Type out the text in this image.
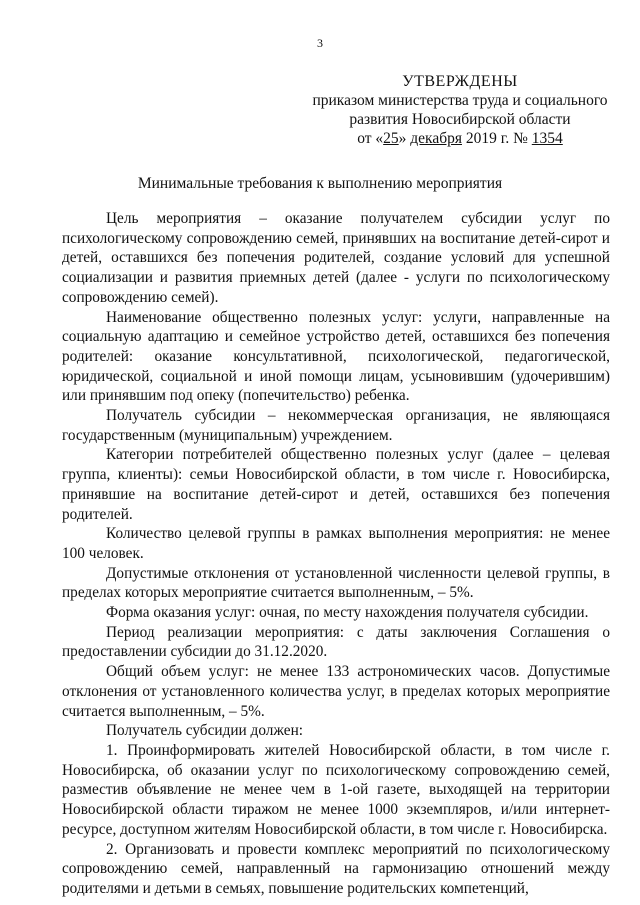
3
УТВЕРЖДЕНЫ
приказом министерства труда и социального
развития Новосибирской области
от «25» декабря 2019 г. № 1354
Минимальные требования к выполнению мероприятия

Цель мероприятия – оказание получателем субсидии услуг по психологическому сопровождению семей, принявших на воспитание детей-сирот и детей, оставшихся без попечения родителей, создание условий для успешной социализации и развития приемных детей (далее - услуги по психологическому сопровождению семей).

Наименование общественно полезных услуг: услуги, направленные на социальную адаптацию и семейное устройство детей, оставшихся без попечения родителей: оказание консультативной, психологической, педагогической, юридической, социальной и иной помощи лицам, усыновившим (удочерившим) или принявшим под опеку (попечительство) ребенка.

Получатель субсидии – некоммерческая организация, не являющаяся государственным (муниципальным) учреждением.

Категории потребителей общественно полезных услуг (далее – целевая группа, клиенты): семьи Новосибирской области, в том числе г. Новосибирска, принявшие на воспитание детей-сирот и детей, оставшихся без попечения родителей.

Количество целевой группы в рамках выполнения мероприятия: не менее 100 человек.

Допустимые отклонения от установленной численности целевой группы, в пределах которых мероприятие считается выполненным, – 5%.

Форма оказания услуг: очная, по месту нахождения получателя субсидии.

Период реализации мероприятия: с даты заключения Соглашения о предоставлении субсидии до 31.12.2020.

Общий объем услуг: не менее 133 астрономических часов. Допустимые отклонения от установленного количества услуг, в пределах которых мероприятие считается выполненным, – 5%.

Получатель субсидии должен:

1. Проинформировать жителей Новосибирской области, в том числе г. Новосибирска, об оказании услуг по психологическому сопровождению семей, разместив объявление не менее чем в 1-ой газете, выходящей на территории Новосибирской области тиражом не менее 1000 экземпляров, и/или интернет-ресурсе, доступном жителям Новосибирской области, в том числе г. Новосибирска.

2. Организовать и провести комплекс мероприятий по психологическому сопровождению семей, направленный на гармонизацию отношений между родителями и детьми в семьях, повышение родительских компетенций,
